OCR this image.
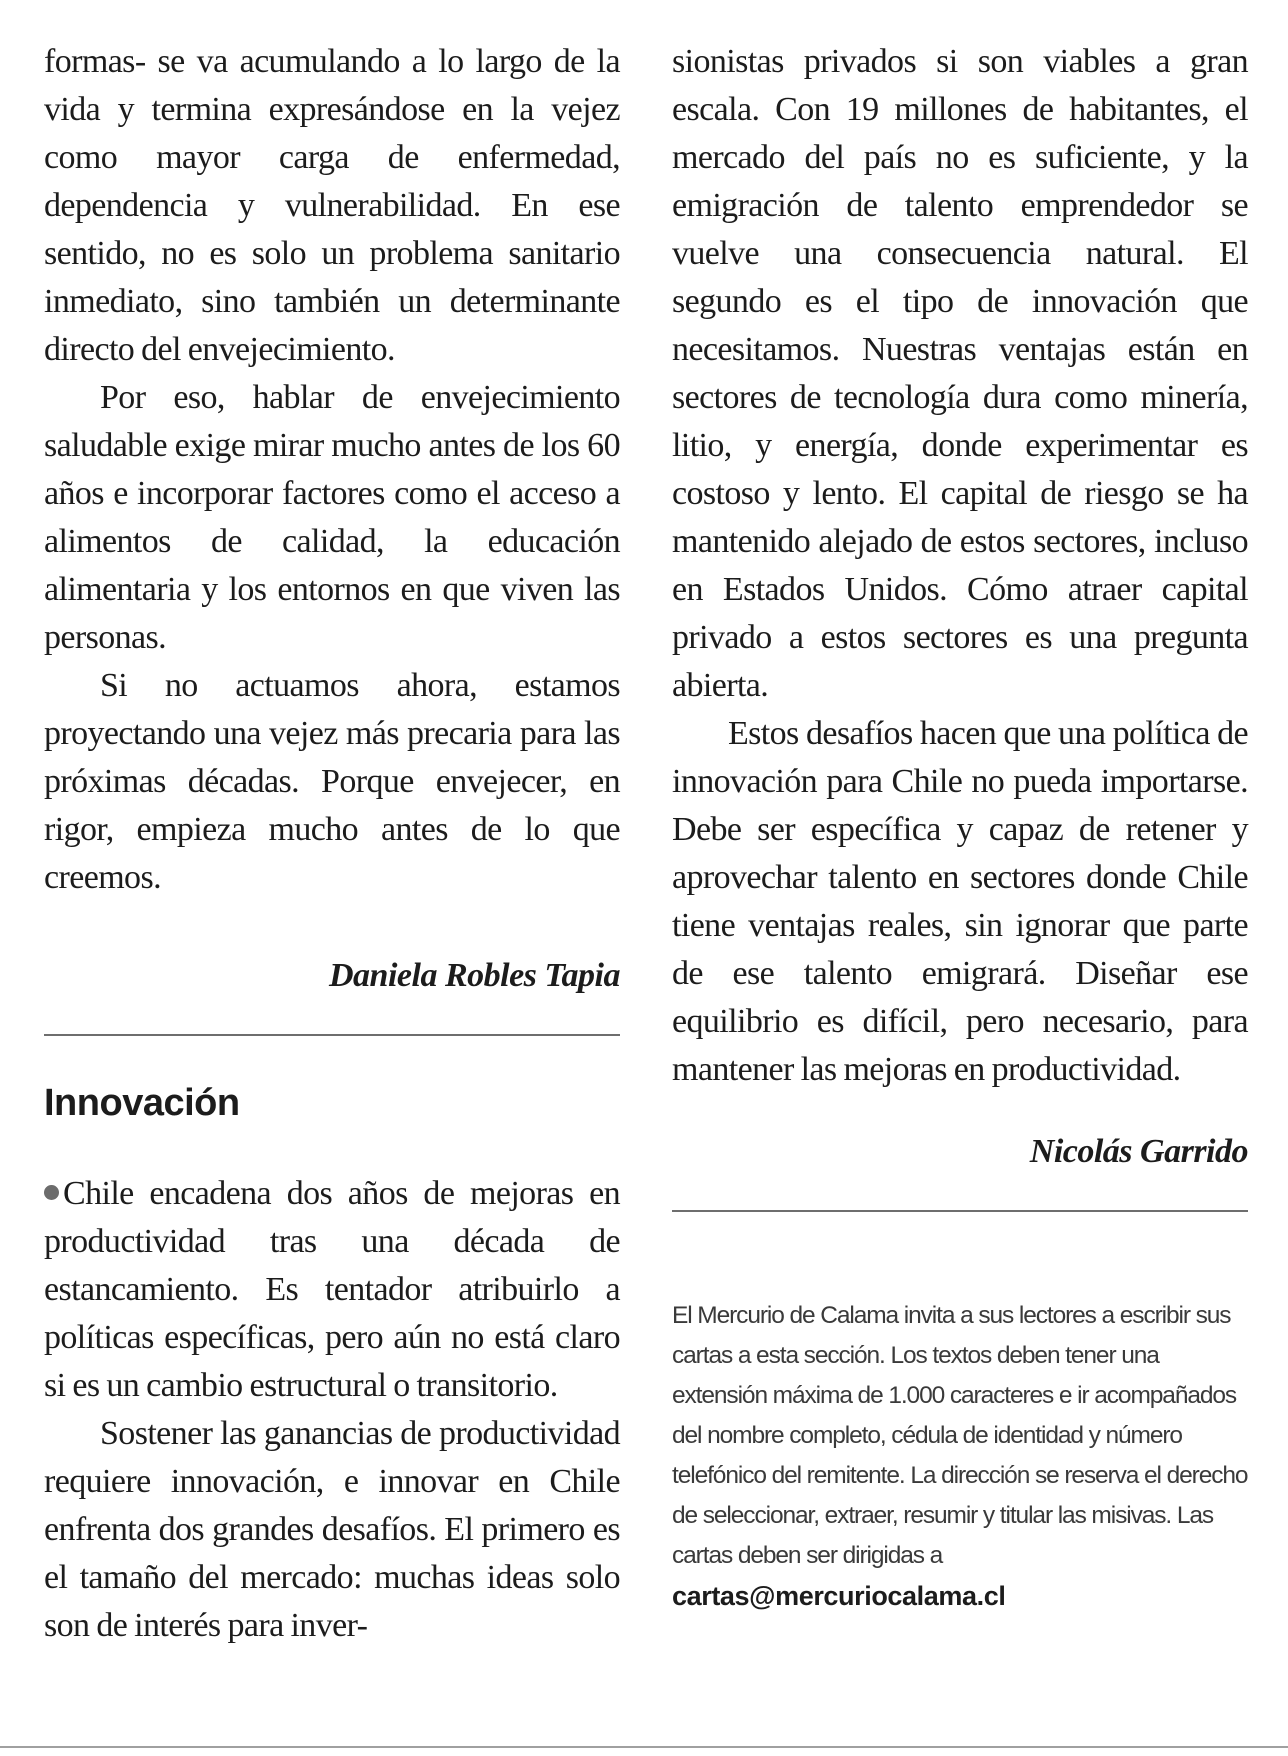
formas- se va acumulando a lo largo de la vida y termina expresándose en la vejez como mayor carga de enfermedad, dependencia y vulnerabilidad. En ese sentido, no es solo un problema sanitario inmediato, sino también un determinante directo del envejecimiento.

Por eso, hablar de envejecimiento saludable exige mirar mucho antes de los 60 años e incorporar factores como el acceso a alimentos de calidad, la educación alimentaria y los entornos en que viven las personas.

Si no actuamos ahora, estamos proyectando una vejez más precaria para las próximas décadas. Porque envejecer, en rigor, empieza mucho antes de lo que creemos.

Daniela Robles Tapia

Innovación

Chile encadena dos años de mejoras en productividad tras una década de estancamiento. Es tentador atribuirlo a políticas específicas, pero aún no está claro si es un cambio estructural o transitorio.

Sostener las ganancias de productividad requiere innovación, e innovar en Chile enfrenta dos grandes desafíos. El primero es el tamaño del mercado: muchas ideas solo son de interés para inver-

sionistas privados si son viables a gran escala. Con 19 millones de habitantes, el mercado del país no es suficiente, y la emigración de talento emprendedor se vuelve una consecuencia natural. El segundo es el tipo de innovación que necesitamos. Nuestras ventajas están en sectores de tecnología dura como minería, litio, y energía, donde experimentar es costoso y lento. El capital de riesgo se ha mantenido alejado de estos sectores, incluso en Estados Unidos. Cómo atraer capital privado a estos sectores es una pregunta abierta.

Estos desafíos hacen que una política de innovación para Chile no pueda importarse. Debe ser específica y capaz de retener y aprovechar talento en sectores donde Chile tiene ventajas reales, sin ignorar que parte de ese talento emigrará. Diseñar ese equilibrio es difícil, pero necesario, para mantener las mejoras en productividad.

Nicolás Garrido

El Mercurio de Calama invita a sus lectores a escribir sus cartas a esta sección. Los textos deben tener una extensión máxima de 1.000 caracteres e ir acompañados del nombre completo, cédula de identidad y número telefónico del remitente. La dirección se reserva el derecho de seleccionar, extraer, resumir y titular las misivas. Las cartas deben ser dirigidas a

cartas@mercuriocalama.cl
